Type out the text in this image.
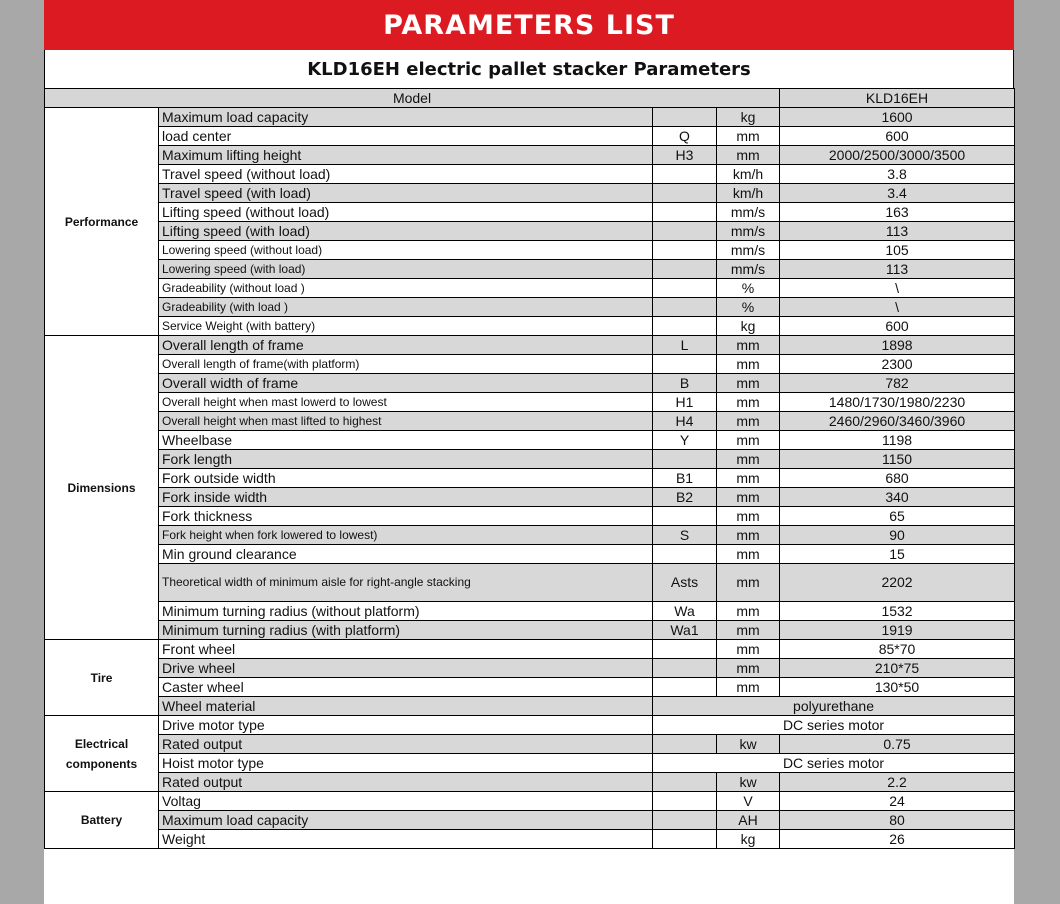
PARAMETERS LIST
KLD16EH electric pallet stacker Parameters
Model				KLD16EH
Performance	Maximum load capacity		kg	1600
	load center	Q	mm	600
	Maximum lifting height	H3	mm	2000/2500/3000/3500
	Travel speed (without load)		km/h	3.8
	Travel speed (with load)		km/h	3.4
	Lifting speed (without load)		mm/s	163
	Lifting speed (with load)		mm/s	113
	Lowering speed (without load)		mm/s	105
	Lowering speed (with load)		mm/s	113
	Gradeability (without load )		%	\
	Gradeability (with load )		%	\
	Service Weight (with battery)		kg	600
Dimensions	Overall length of frame	L	mm	1898
	Overall length of frame(with platform)		mm	2300
	Overall width of frame	B	mm	782
	Overall height when mast lowerd to lowest	H1	mm	1480/1730/1980/2230
	Overall height when mast lifted to highest	H4	mm	2460/2960/3460/3960
	Wheelbase	Y	mm	1198
	Fork length		mm	1150
	Fork outside width	B1	mm	680
	Fork inside width	B2	mm	340
	Fork thickness		mm	65
	Fork height when fork lowered to lowest)	S	mm	90
	Min ground clearance		mm	15
	Theoretical width of minimum aisle for right-angle stacking	Asts	mm	2202
	Minimum turning radius (without platform)	Wa	mm	1532
	Minimum turning radius (with platform)	Wa1	mm	1919
Tire	Front wheel		mm	85*70
	Drive wheel		mm	210*75
	Caster wheel		mm	130*50
	Wheel material	polyurethane		
Electrical components	Drive motor type	DC series motor		
	Rated output		kw	0.75
	Hoist motor type	DC series motor		
	Rated output		kw	2.2
Battery	Voltag		V	24
	Maximum load capacity		AH	80
	Weight		kg	26
